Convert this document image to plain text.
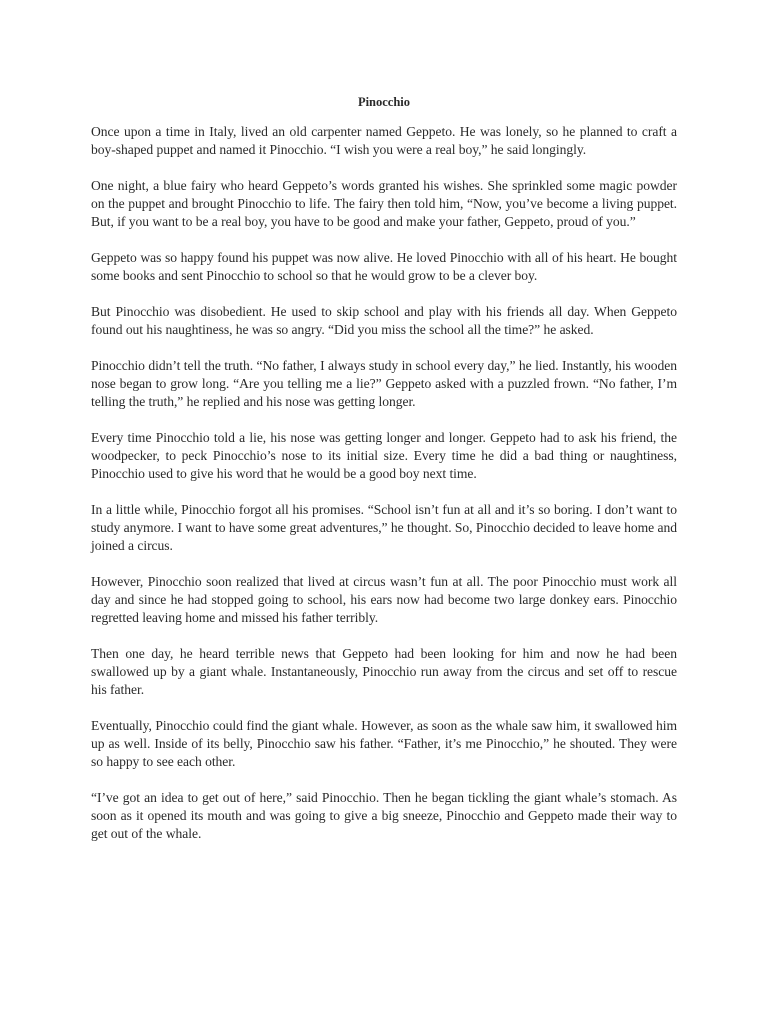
Pinocchio

Once upon a time in Italy, lived an old carpenter named Geppeto. He was lonely, so he planned to craft a boy-shaped puppet and named it Pinocchio. “I wish you were a real boy,” he said longingly.

One night, a blue fairy who heard Geppeto’s words granted his wishes. She sprinkled some magic powder on the puppet and brought Pinocchio to life. The fairy then told him, “Now, you’ve become a living puppet. But, if you want to be a real boy, you have to be good and make your father, Geppeto, proud of you.”

Geppeto was so happy found his puppet was now alive. He loved Pinocchio with all of his heart. He bought some books and sent Pinocchio to school so that he would grow to be a clever boy.

But Pinocchio was disobedient. He used to skip school and play with his friends all day. When Geppeto found out his naughtiness, he was so angry. “Did you miss the school all the time?” he asked.

Pinocchio didn’t tell the truth. “No father, I always study in school every day,” he lied. Instantly, his wooden nose began to grow long. “Are you telling me a lie?” Geppeto asked with a puzzled frown. “No father, I’m telling the truth,” he replied and his nose was getting longer.

Every time Pinocchio told a lie, his nose was getting longer and longer. Geppeto had to ask his friend, the woodpecker, to peck Pinocchio’s nose to its initial size. Every time he did a bad thing or naughtiness, Pinocchio used to give his word that he would be a good boy next time.

In a little while, Pinocchio forgot all his promises. “School isn’t fun at all and it’s so boring. I don’t want to study anymore. I want to have some great adventures,” he thought. So, Pinocchio decided to leave home and joined a circus.

However, Pinocchio soon realized that lived at circus wasn’t fun at all. The poor Pinocchio must work all day and since he had stopped going to school, his ears now had become two large donkey ears. Pinocchio regretted leaving home and missed his father terribly.

Then one day, he heard terrible news that Geppeto had been looking for him and now he had been swallowed up by a giant whale. Instantaneously, Pinocchio run away from the circus and set off to rescue his father.

Eventually, Pinocchio could find the giant whale. However, as soon as the whale saw him, it swallowed him up as well. Inside of its belly, Pinocchio saw his father. “Father, it’s me Pinocchio,” he shouted. They were so happy to see each other.

“I’ve got an idea to get out of here,” said Pinocchio. Then he began tickling the giant whale’s stomach. As soon as it opened its mouth and was going to give a big sneeze, Pinocchio and Geppeto made their way to get out of the whale.
